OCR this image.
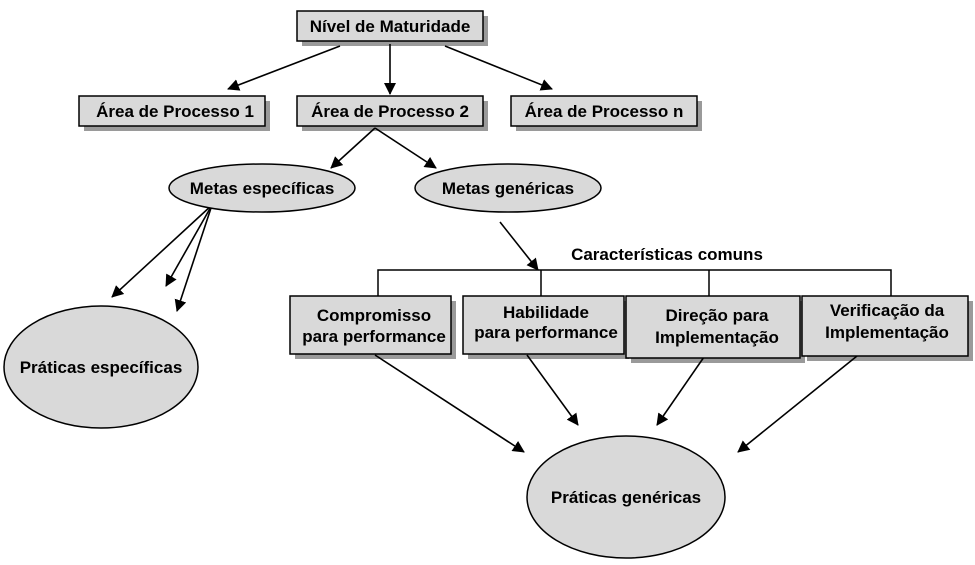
Nível de Maturidade
Área de Processo 1	Área de Processo 2	Área de Processo n
Metas específicas	Metas genéricas
Práticas específicas
Características comuns
Compromisso
para performance
Habilidade
para performance
Direção para
Implementação
Verificação da
Implementação
Práticas genéricas
